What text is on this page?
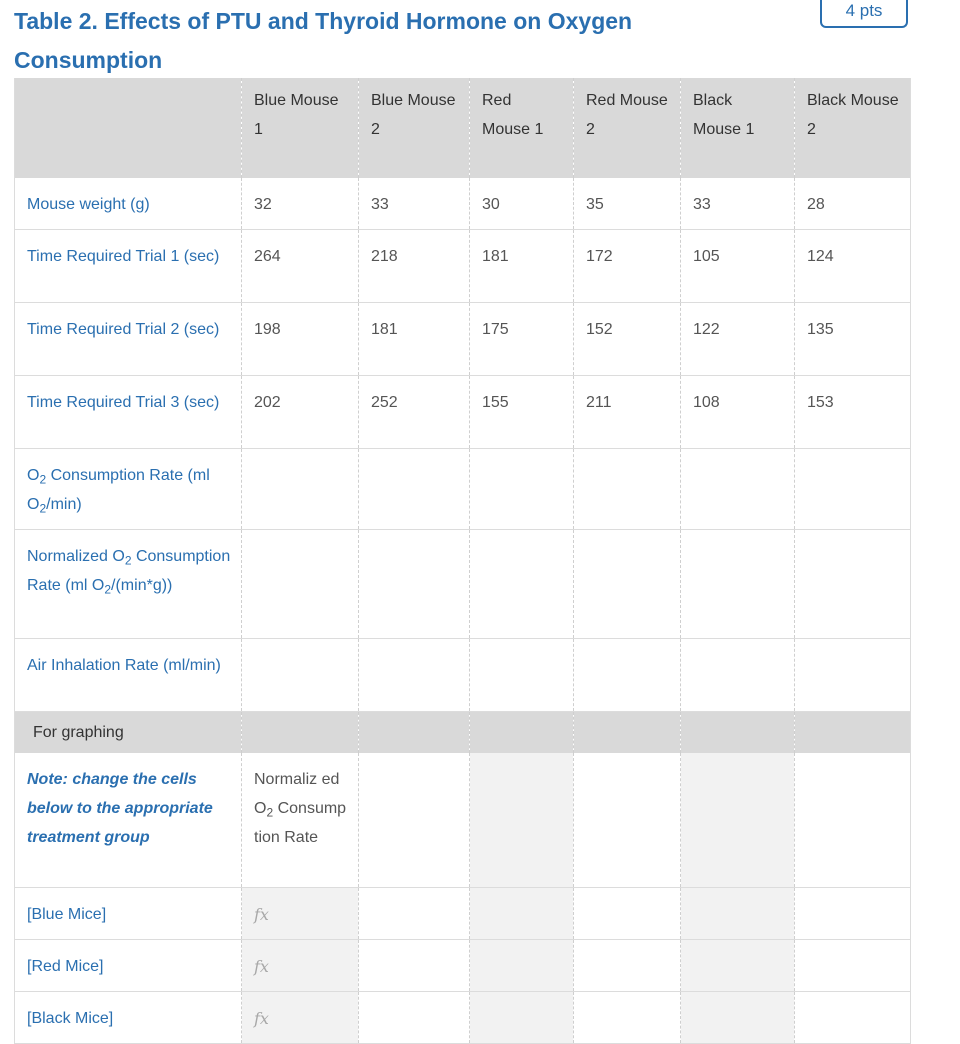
Table 2. Effects of PTU and Thyroid Hormone on Oxygen Consumption
4 pts
	Blue Mouse 1	Blue Mouse 2	Red Mouse 1	Red Mouse 2	Black Mouse 1	Black Mouse 2
Mouse weight (g)	32	33	30	35	33	28
Time Required Trial 1 (sec)	264	218	181	172	105	124
Time Required Trial 2 (sec)	198	181	175	152	122	135
Time Required Trial 3 (sec)	202	252	155	211	108	153
$O_2$ Consumption Rate (ml $O_2/\min$)						
Normalized $O_2$ Consumption Rate (ml $O_2/(\min*g)$)						
Air Inhalation Rate (ml/min)						
For graphing						
Note: change the cells below to the appropriate treatment group	Normaliz ed $O_2$ Consump tion Rate					
[Blue Mice]	fx					
[Red Mice]	fx					
[Black Mice]	fx					
